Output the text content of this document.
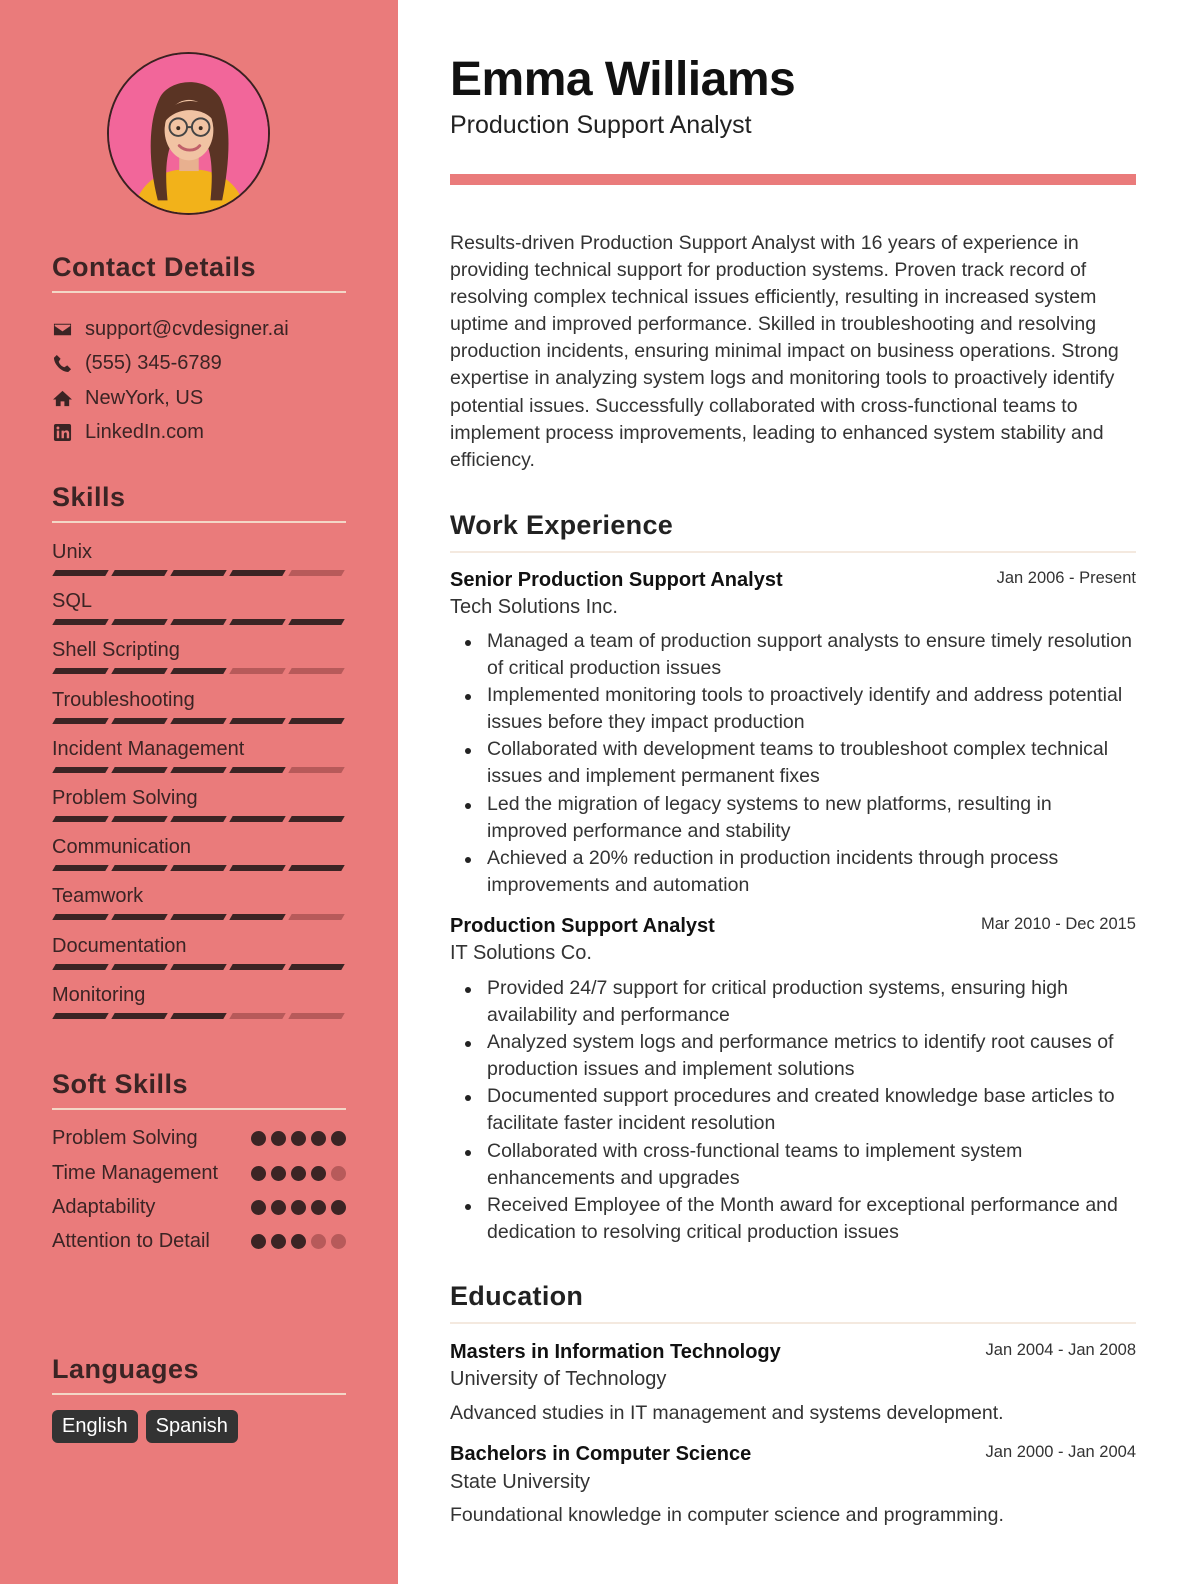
Contact Details
support@cvdesigner.ai
(555) 345-6789
NewYork, US
LinkedIn.com
Skills
Unix
SQL
Shell Scripting
Troubleshooting
Incident Management
Problem Solving
Communication
Teamwork
Documentation
Monitoring
Soft Skills
Problem Solving
Time Management
Adaptability
Attention to Detail
Languages
English	Spanish
Emma Williams
Production Support Analyst

Results-driven Production Support Analyst with 16 years of experience in providing technical support for production systems. Proven track record of resolving complex technical issues efficiently, resulting in increased system uptime and improved performance. Skilled in troubleshooting and resolving production incidents, ensuring minimal impact on business operations. Strong expertise in analyzing system logs and monitoring tools to proactively identify potential issues. Successfully collaborated with cross-functional teams to implement process improvements, leading to enhanced system stability and efficiency.

Work Experience
Senior Production Support Analyst	Jan 2006 - Present
Tech Solutions Inc.
Managed a team of production support analysts to ensure timely resolution of critical production issues
Implemented monitoring tools to proactively identify and address potential issues before they impact production
Collaborated with development teams to troubleshoot complex technical issues and implement permanent fixes
Led the migration of legacy systems to new platforms, resulting in improved performance and stability
Achieved a 20% reduction in production incidents through process improvements and automation
Production Support Analyst	Mar 2010 - Dec 2015
IT Solutions Co.
Provided 24/7 support for critical production systems, ensuring high availability and performance
Analyzed system logs and performance metrics to identify root causes of production issues and implement solutions
Documented support procedures and created knowledge base articles to facilitate faster incident resolution
Collaborated with cross-functional teams to implement system enhancements and upgrades
Received Employee of the Month award for exceptional performance and dedication to resolving critical production issues
Education
Masters in Information Technology	Jan 2004 - Jan 2008
University of Technology
Advanced studies in IT management and systems development.
Bachelors in Computer Science	Jan 2000 - Jan 2004
State University
Foundational knowledge in computer science and programming.
